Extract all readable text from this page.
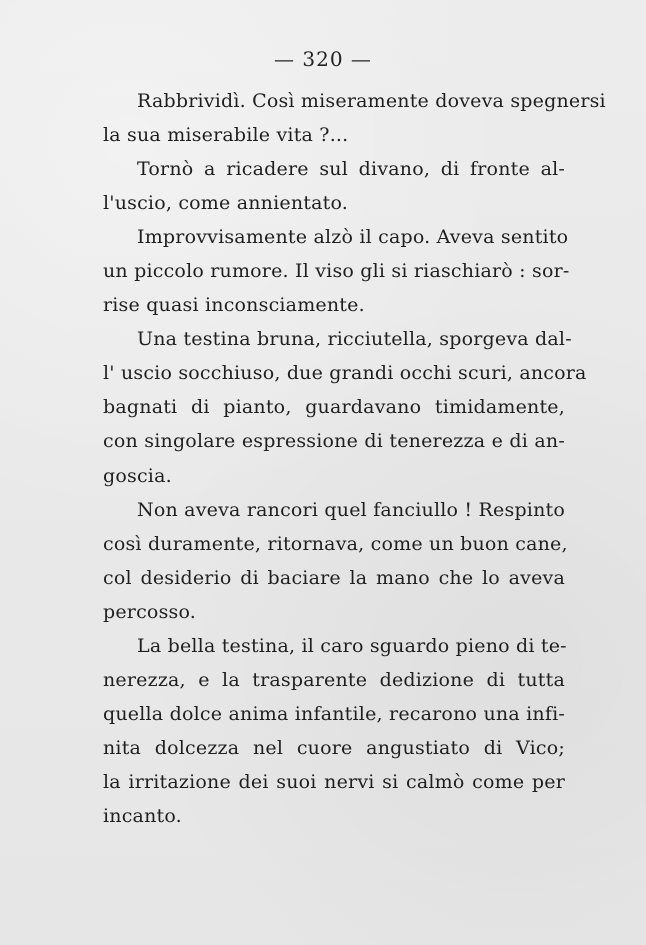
— 320 —
Rabbrividì. Così miseramente doveva spegnersi
la sua miserabile vita ?...
Tornò a ricadere sul divano, di fronte al-
l'uscio, come annientato.
Improvvisamente alzò il capo. Aveva sentito
un piccolo rumore. Il viso gli si riaschiarò : sor-
rise quasi inconsciamente.
Una testina bruna, ricciutella, sporgeva dal-
l' uscio socchiuso, due grandi occhi scuri, ancora
bagnati di pianto, guardavano timidamente,
con singolare espressione di tenerezza e di an-
goscia.
Non aveva rancori quel fanciullo ! Respinto
così duramente, ritornava, come un buon cane,
col desiderio di baciare la mano che lo aveva
percosso.
La bella testina, il caro sguardo pieno di te-
nerezza, e la trasparente dedizione di tutta
quella dolce anima infantile, recarono una infi-
nita dolcezza nel cuore angustiato di Vico;
la irritazione dei suoi nervi si calmò come per
incanto.
